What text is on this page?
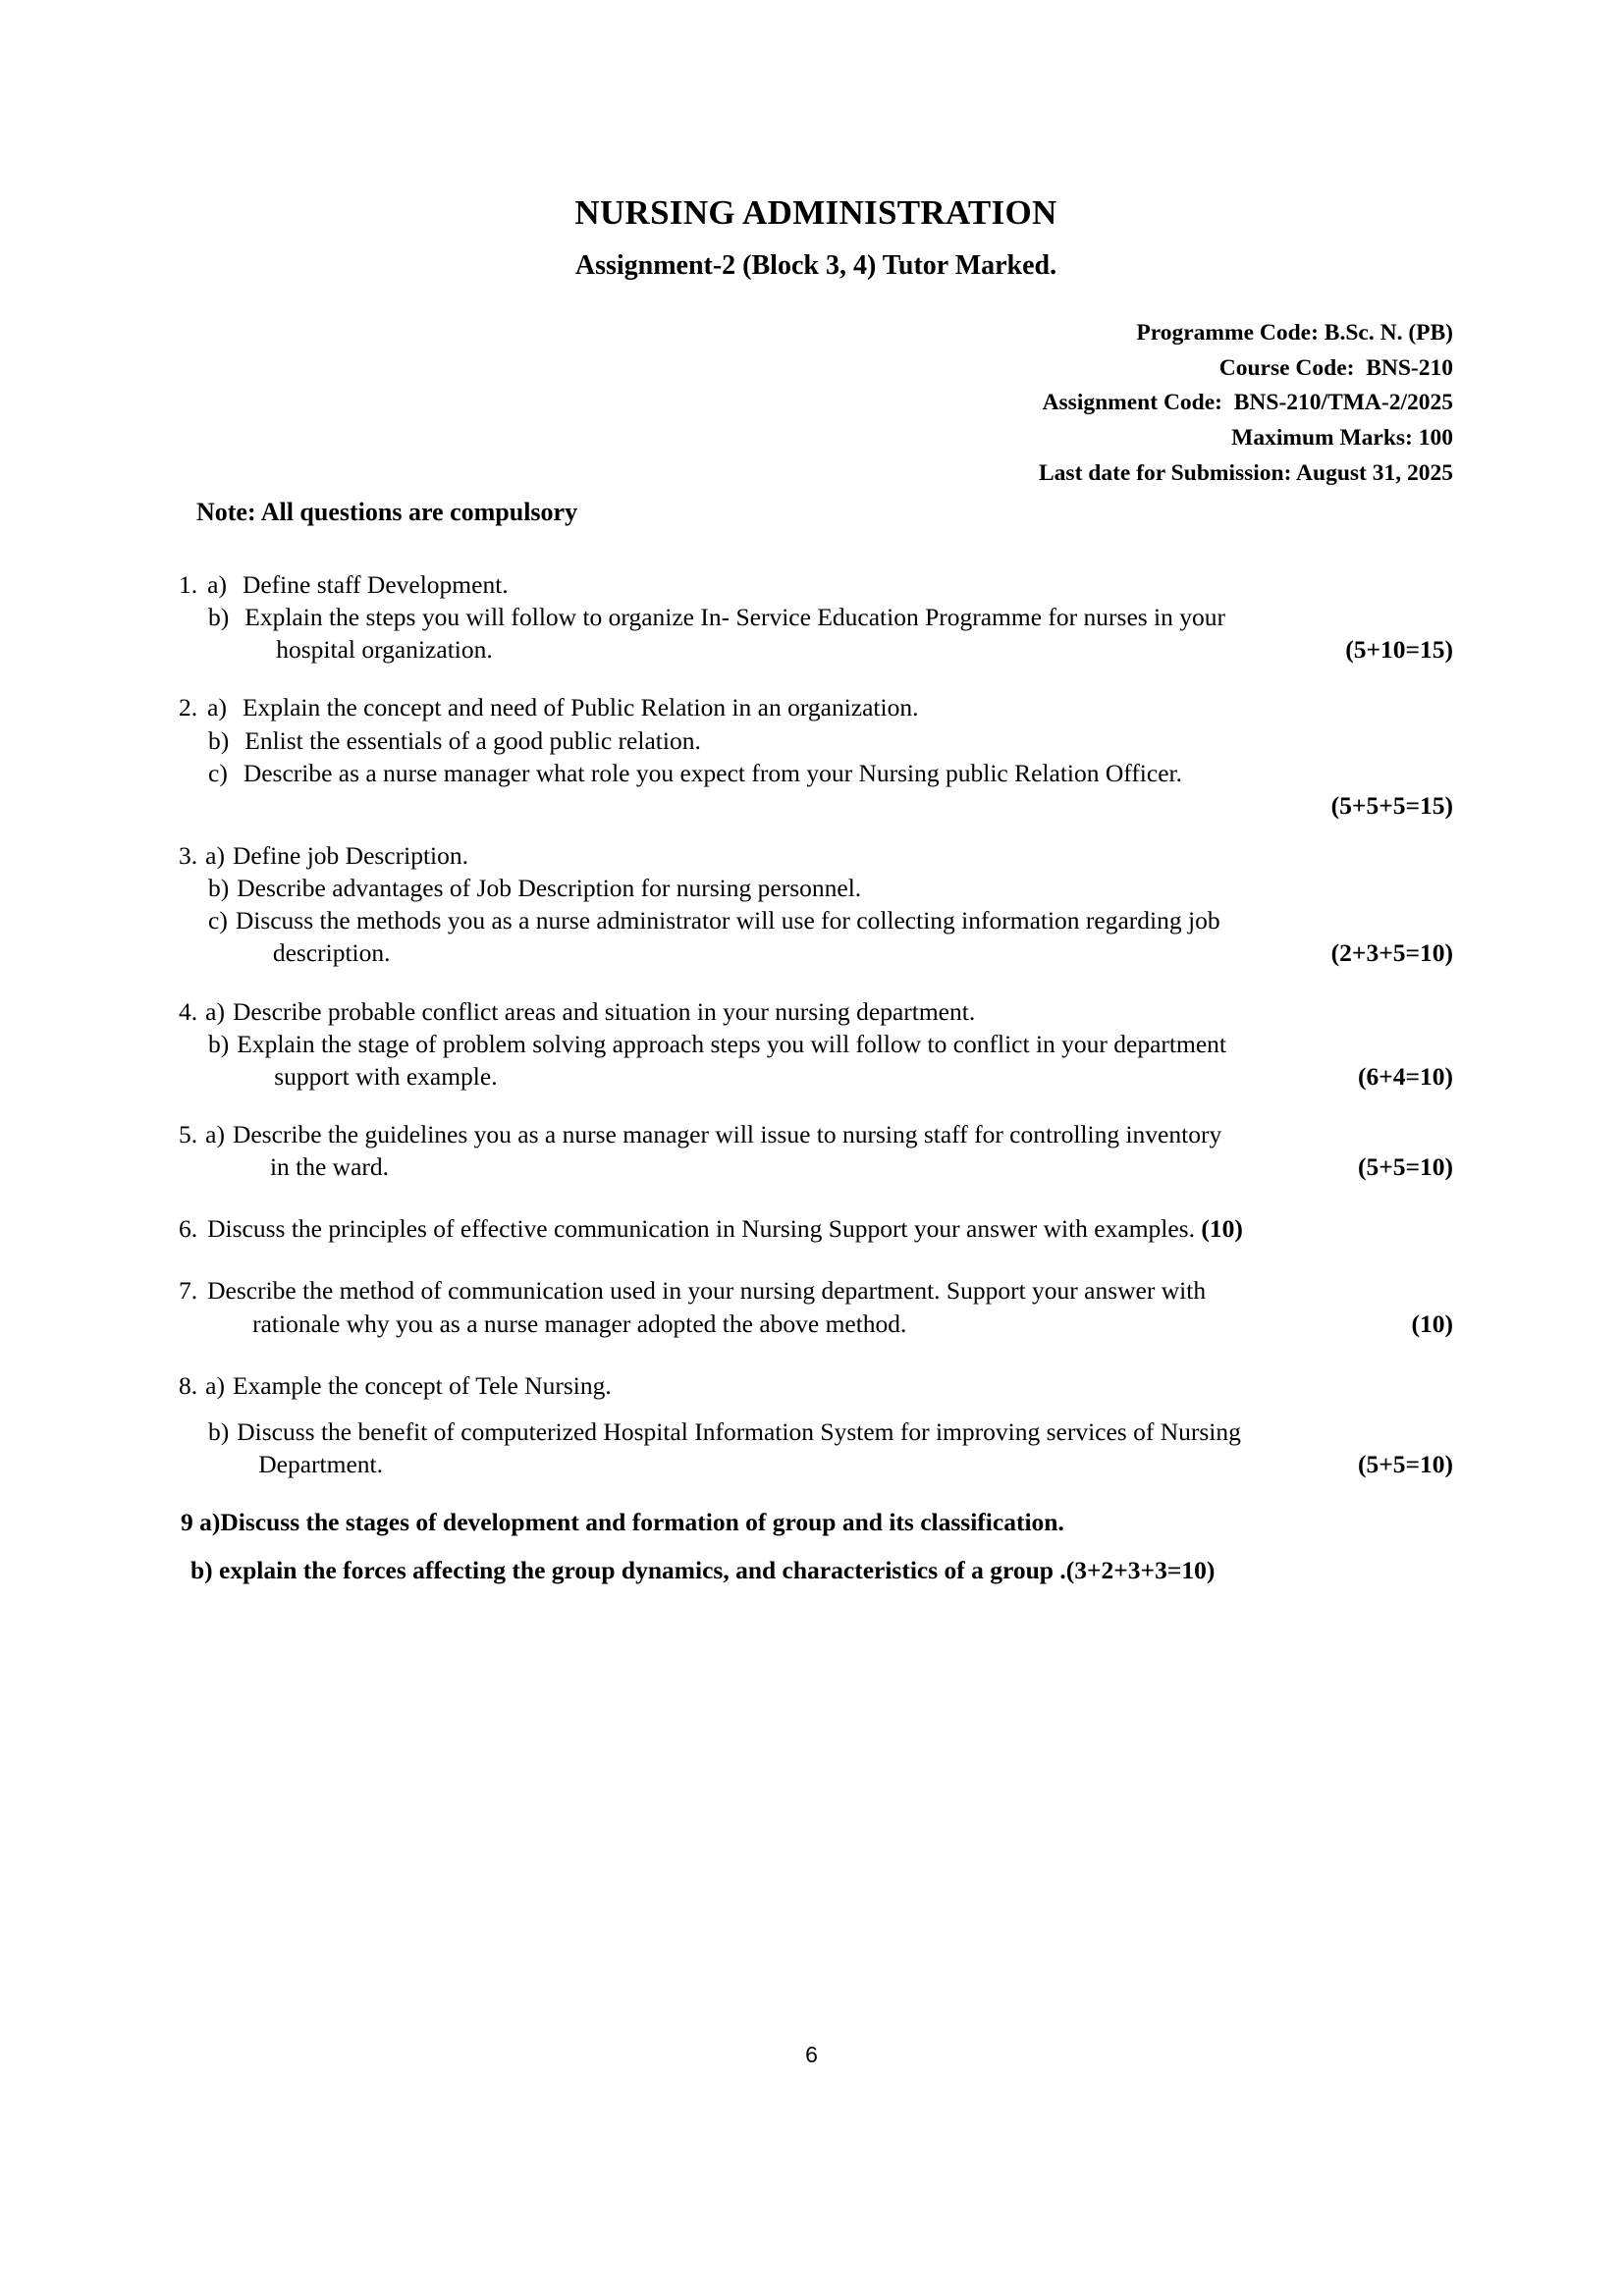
NURSING ADMINISTRATION
Assignment-2 (Block 3, 4) Tutor Marked.
Programme Code: B.Sc. N. (PB)
Course Code:  BNS-210
Assignment Code:  BNS-210/TMA-2/2025
Maximum Marks: 100
Last date for Submission: August 31, 2025

Note: All questions are compulsory

1. a) Define staff Development.
b) Explain the steps you will follow to organize In- Service Education Programme for nurses in your
hospital organization.	(5+10=15)
2. a) Explain the concept and need of Public Relation in an organization.
b) Enlist the essentials of a good public relation.
c) Describe as a nurse manager what role you expect from your Nursing public Relation Officer.
(5+5+5=15)
3. a) Define job Description.
b) Describe advantages of Job Description for nursing personnel.
c) Discuss the methods you as a nurse administrator will use for collecting information regarding job
description.	(2+3+5=10)
4. a) Describe probable conflict areas and situation in your nursing department.
b) Explain the stage of problem solving approach steps you will follow to conflict in your department
support with example.	(6+4=10)
5. a) Describe the guidelines you as a nurse manager will issue to nursing staff for controlling inventory
in the ward.	(5+5=10)
6. Discuss the principles of effective communication in Nursing Support your answer with examples. (10)
7. Describe the method of communication used in your nursing department. Support your answer with
rationale why you as a nurse manager adopted the above method.	(10)
8. a) Example the concept of Tele Nursing.
b) Discuss the benefit of computerized Hospital Information System for improving services of Nursing
Department.	(5+5=10)
9 a)Discuss the stages of development and formation of group and its classification.
b) explain the forces affecting the group dynamics, and characteristics of a group .(3+2+3+3=10)
6
